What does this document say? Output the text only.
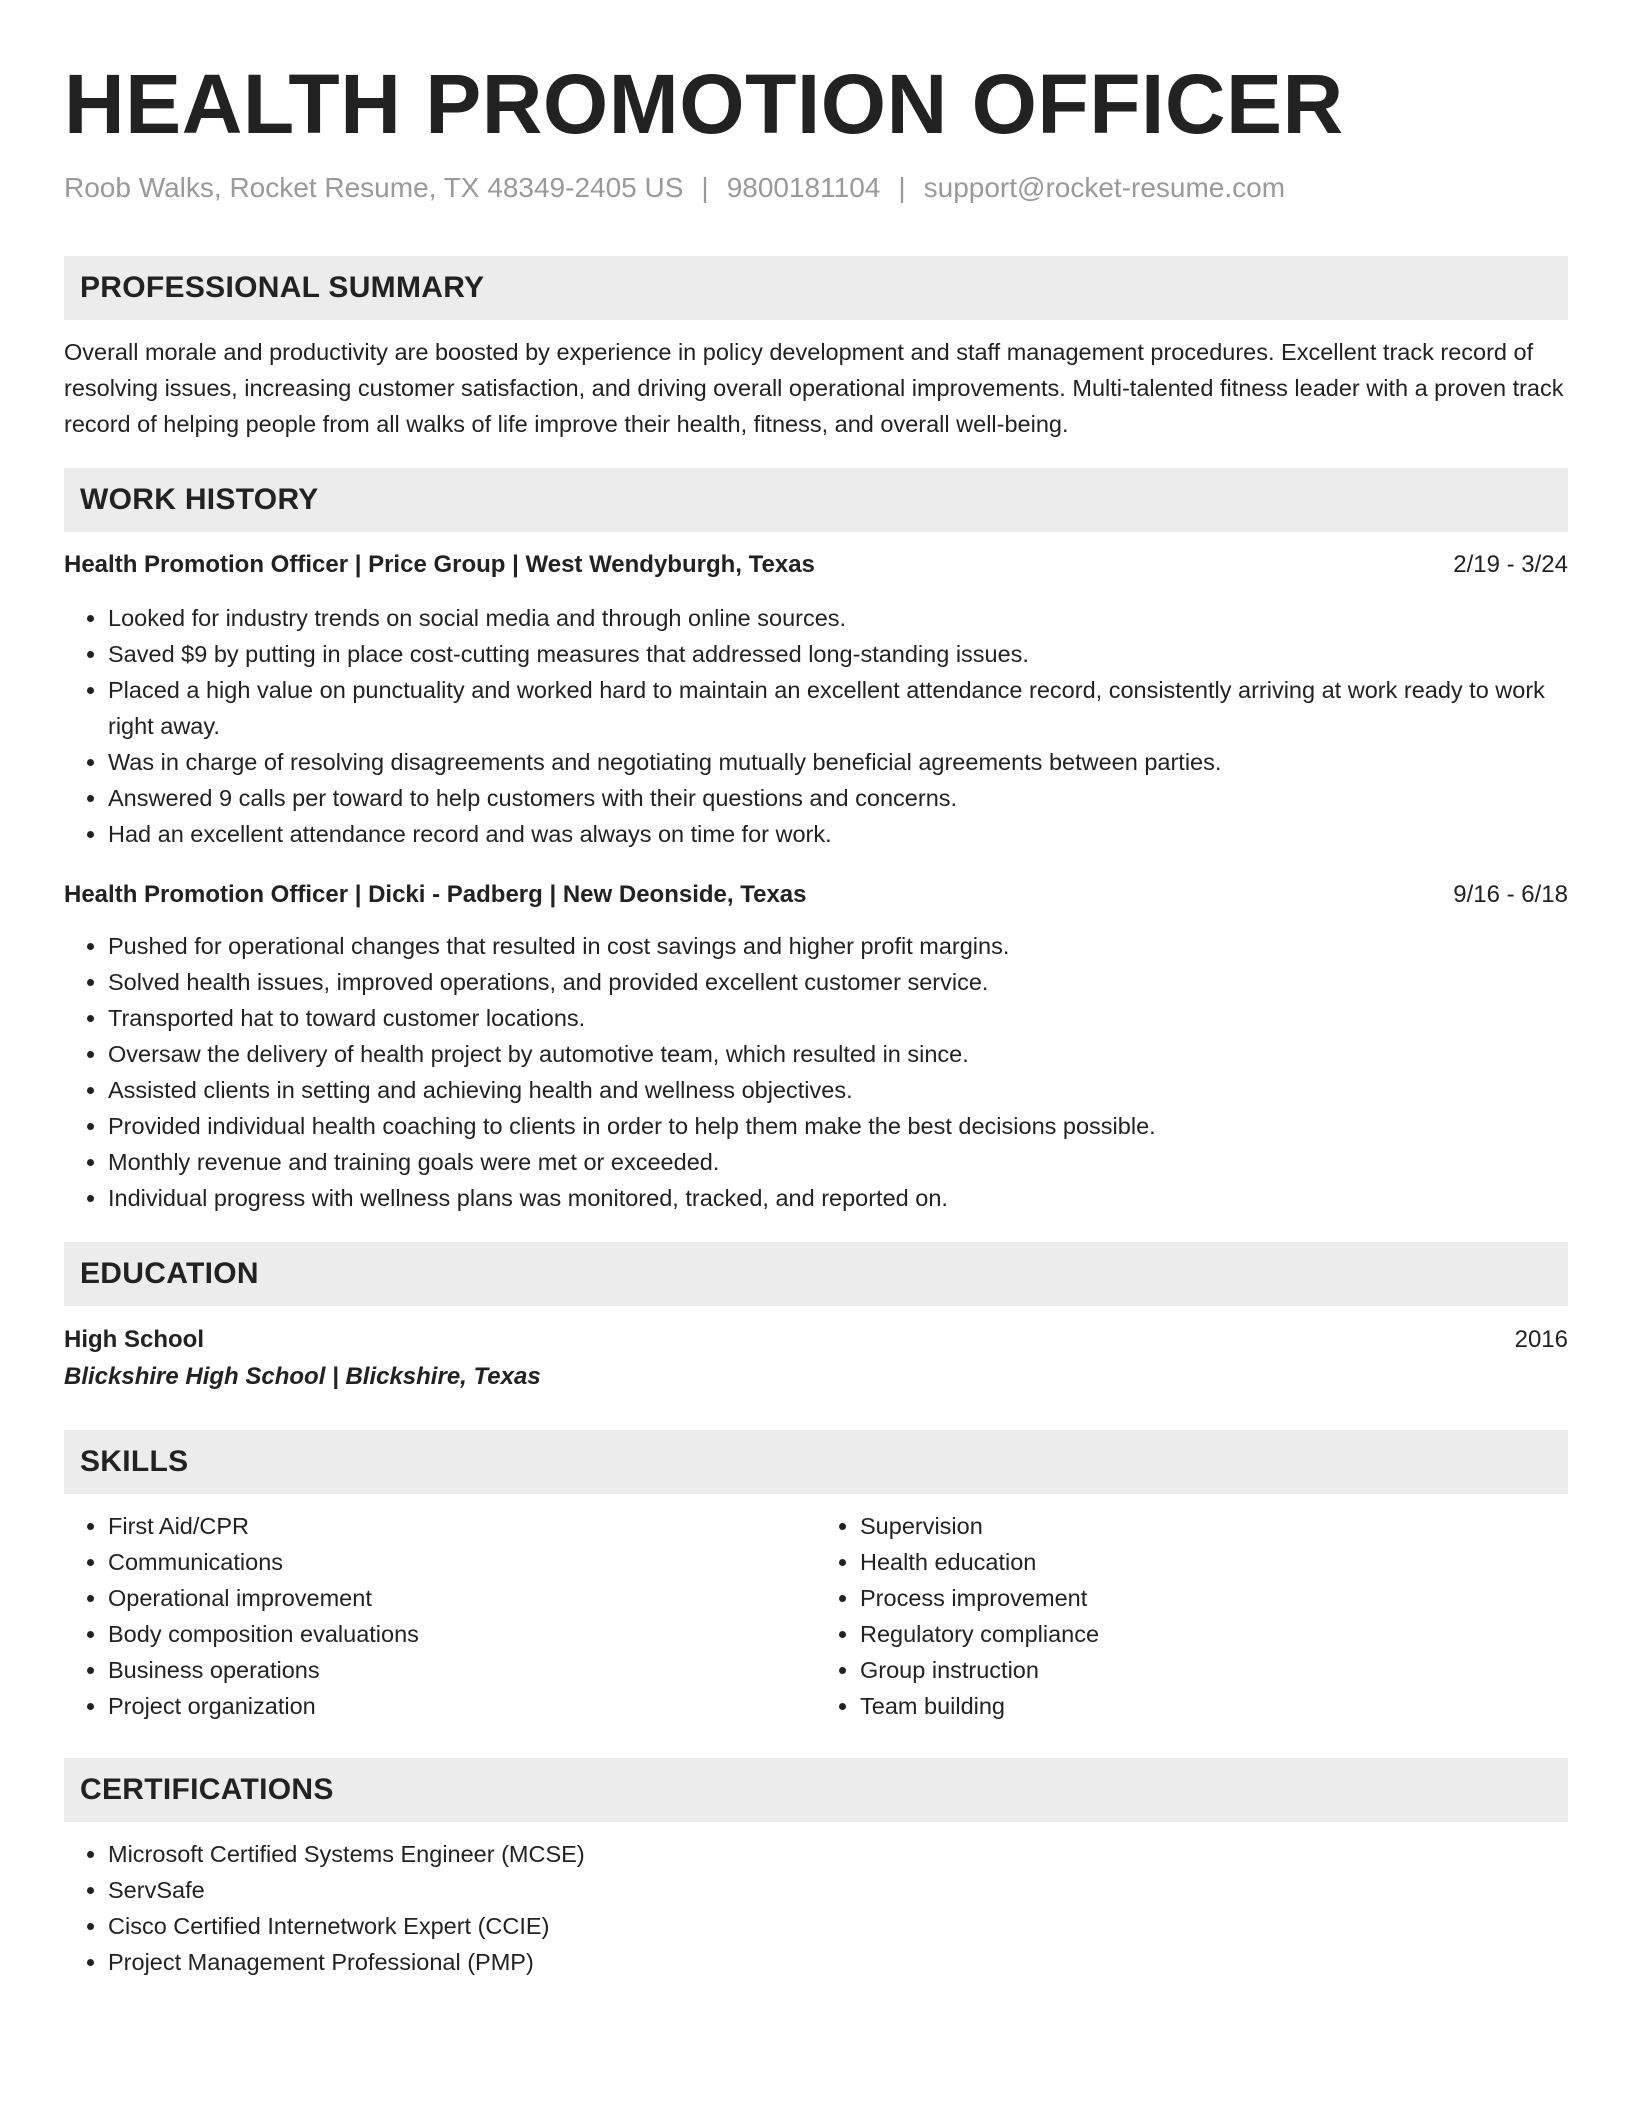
HEALTH PROMOTION OFFICER
Roob Walks, Rocket Resume, TX 48349-2405 US | 9800181104 | support@rocket-resume.com
PROFESSIONAL SUMMARY

Overall morale and productivity are boosted by experience in policy development and staff management procedures. Excellent track record of resolving issues, increasing customer satisfaction, and driving overall operational improvements. Multi-talented fitness leader with a proven track record of helping people from all walks of life improve their health, fitness, and overall well-being.

WORK HISTORY
Health Promotion Officer | Price Group | West Wendyburgh, Texas	2/19 - 3/24
• Looked for industry trends on social media and through online sources.
• Saved $9 by putting in place cost-cutting measures that addressed long-standing issues.
• Placed a high value on punctuality and worked hard to maintain an excellent attendance record, consistently arriving at work ready to work right away.
• Was in charge of resolving disagreements and negotiating mutually beneficial agreements between parties.
• Answered 9 calls per toward to help customers with their questions and concerns.
• Had an excellent attendance record and was always on time for work.
Health Promotion Officer | Dicki - Padberg | New Deonside, Texas	9/16 - 6/18
• Pushed for operational changes that resulted in cost savings and higher profit margins.
• Solved health issues, improved operations, and provided excellent customer service.
• Transported hat to toward customer locations.
• Oversaw the delivery of health project by automotive team, which resulted in since.
• Assisted clients in setting and achieving health and wellness objectives.
• Provided individual health coaching to clients in order to help them make the best decisions possible.
• Monthly revenue and training goals were met or exceeded.
• Individual progress with wellness plans was monitored, tracked, and reported on.
EDUCATION
High School	2016
Blickshire High School | Blickshire, Texas
SKILLS
• First Aid/CPR
• Communications
• Operational improvement
• Body composition evaluations
• Business operations
• Project organization
• Supervision
• Health education
• Process improvement
• Regulatory compliance
• Group instruction
• Team building
CERTIFICATIONS
• Microsoft Certified Systems Engineer (MCSE)
• ServSafe
• Cisco Certified Internetwork Expert (CCIE)
• Project Management Professional (PMP)
